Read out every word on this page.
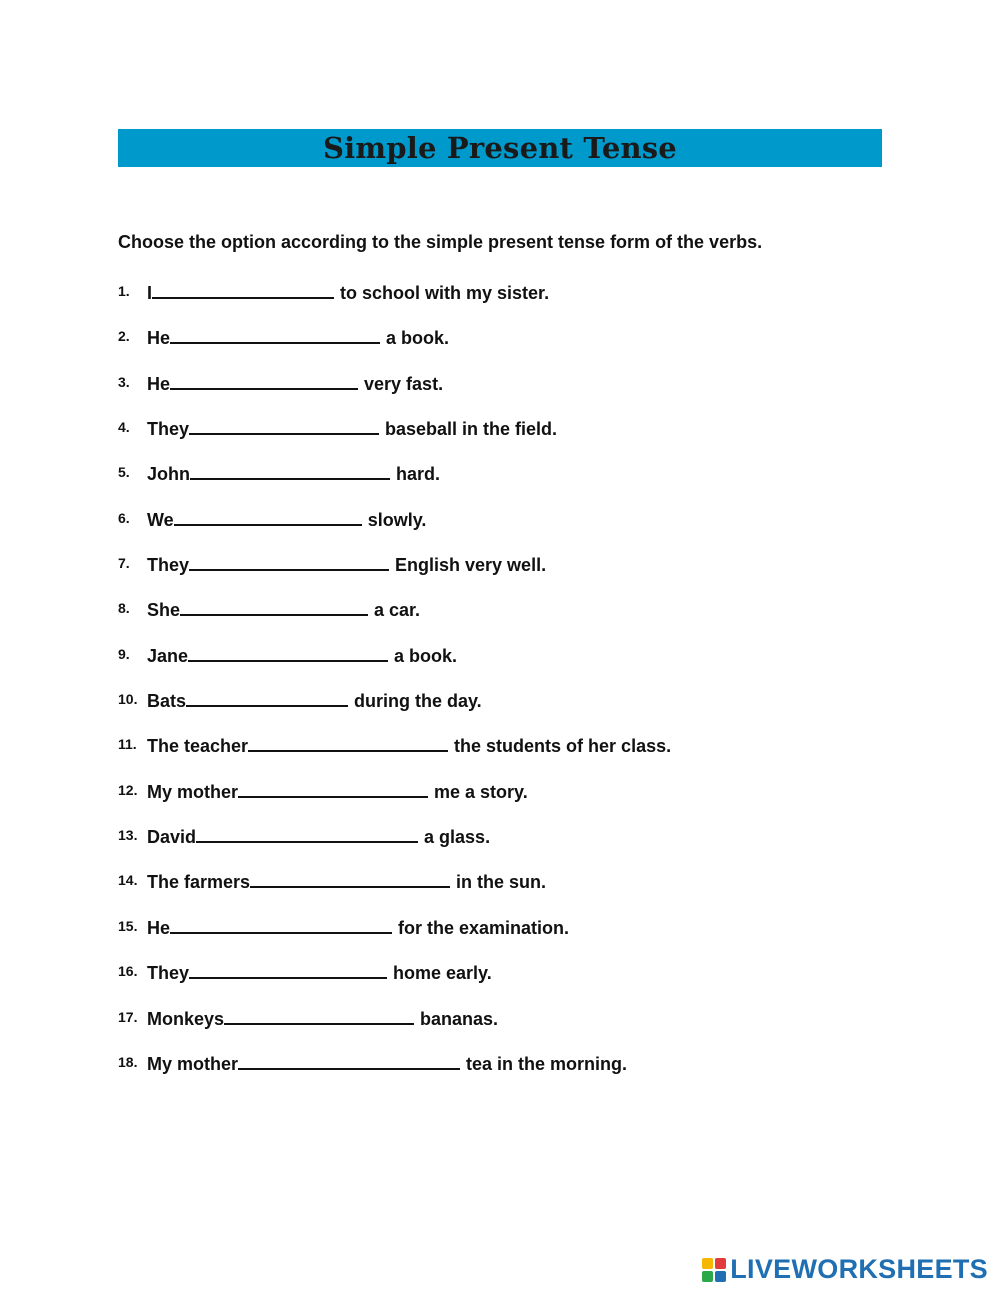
Simple Present Tense
Choose the option according to the simple present tense form of the verbs.
1. I	to school with my sister.
2. He	a book.
3. He	very fast.
4. They	baseball in the field.
5. John	hard.
6. We	slowly.
7. They	English very well.
8. She	a car.
9. Jane	a book.
10. Bats	during the day.
11. The teacher	the students of her class.
12. My mother	me a story.
13. David	a glass.
14. The farmers	in the sun.
15. He	for the examination.
16. They	home early.
17. Monkeys	bananas.
18. My mother	tea in the morning.
LIVEWORKSHEETS
